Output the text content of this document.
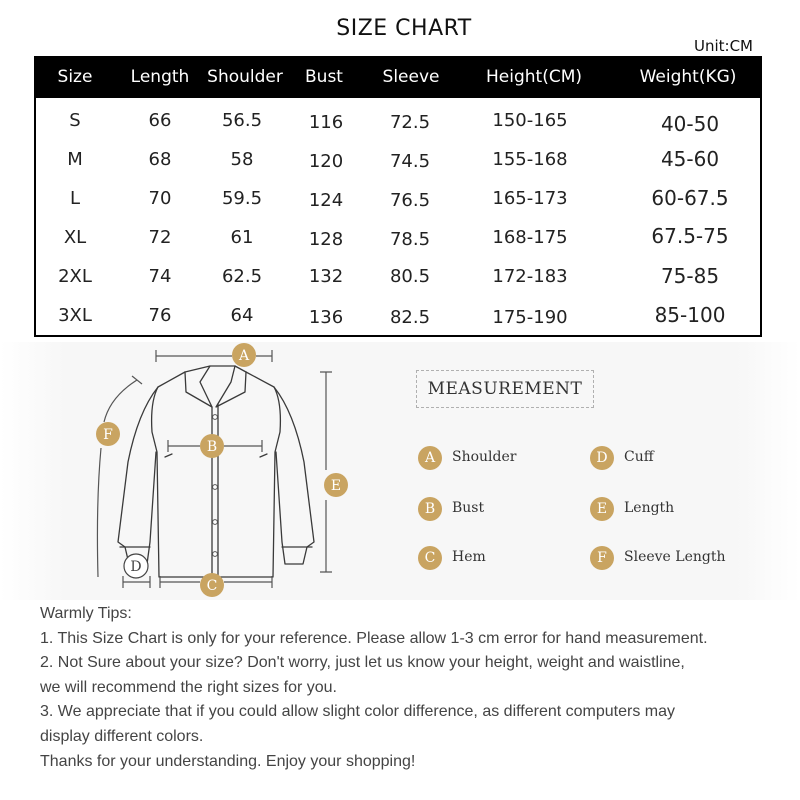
SIZE CHART
Unit:CM
Size Length Shoulder Bust Sleeve	Height(CM)	Weight(KG)
S	66	56.5	116	72.5	150-165	40-50
M	68	58	120	74.5	155-168	45-60
L	70	59.5	124	76.5	165-173	60-67.5
XL	72	61	128	78.5	168-175	67.5-75
2XL	74	62.5	132	80.5	172-183	75-85
3XL	76	64	136	82.5	175-190	85-100
A
B
C
D
E
F
MEASUREMENT
A	Shoulder
B	Bust
C	Hem
D	Cuff
E	Length
F	Sleeve Length
Warmly Tips:
1. This Size Chart is only for your reference. Please allow 1-3 cm error for hand measurement.
2. Not Sure about your size? Don't worry, just let us know your height, weight and waistline,
we will recommend the right sizes for you.
3. We appreciate that if you could allow slight color difference, as different computers may
display different colors.
Thanks for your understanding. Enjoy your shopping!
